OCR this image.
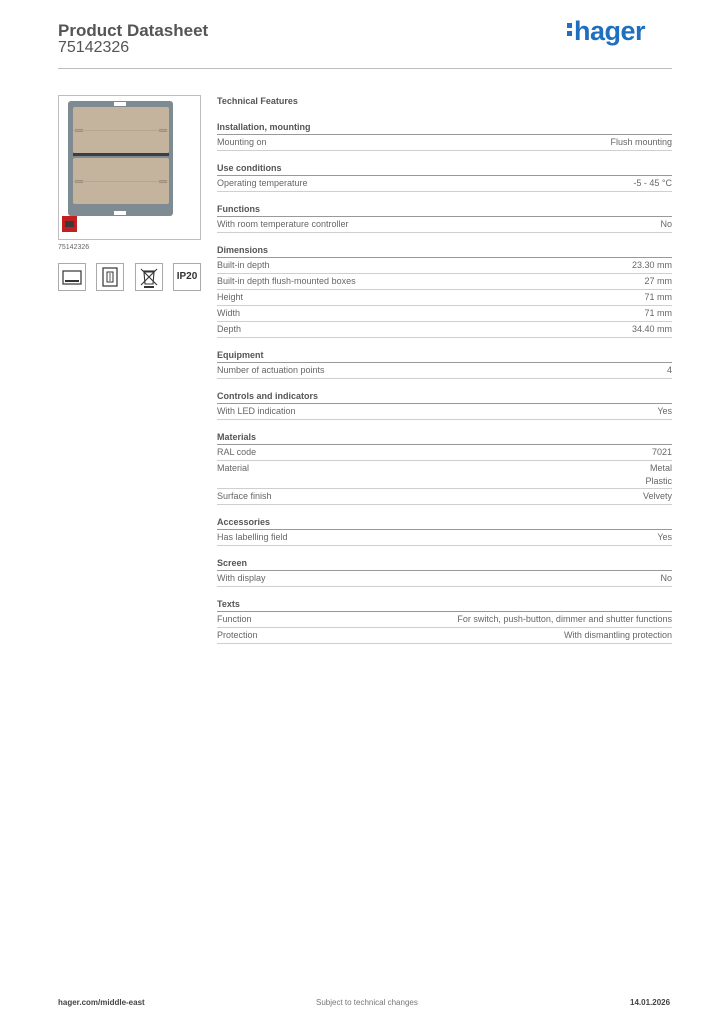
Product Datasheet
75142326
hager
75142326
IP20
Technical Features
Installation, mounting
Mounting on	Flush mounting
Use conditions
Operating temperature	-5 - 45 °C
Functions
With room temperature controller	No
Dimensions
Built-in depth	23.30 mm
Built-in depth flush-mounted boxes	27 mm
Height	71 mm
Width	71 mm
Depth	34.40 mm
Equipment
Number of actuation points	4
Controls and indicators
With LED indication	Yes
Materials
RAL code	7021
Material	Metal
Plastic
Surface finish	Velvety
Accessories
Has labelling field	Yes
Screen
With display	No
Texts
Function	For switch, push-button, dimmer and shutter functions
Protection	With dismantling protection
hager.com/middle-east	Subject to technical changes	14.01.2026
